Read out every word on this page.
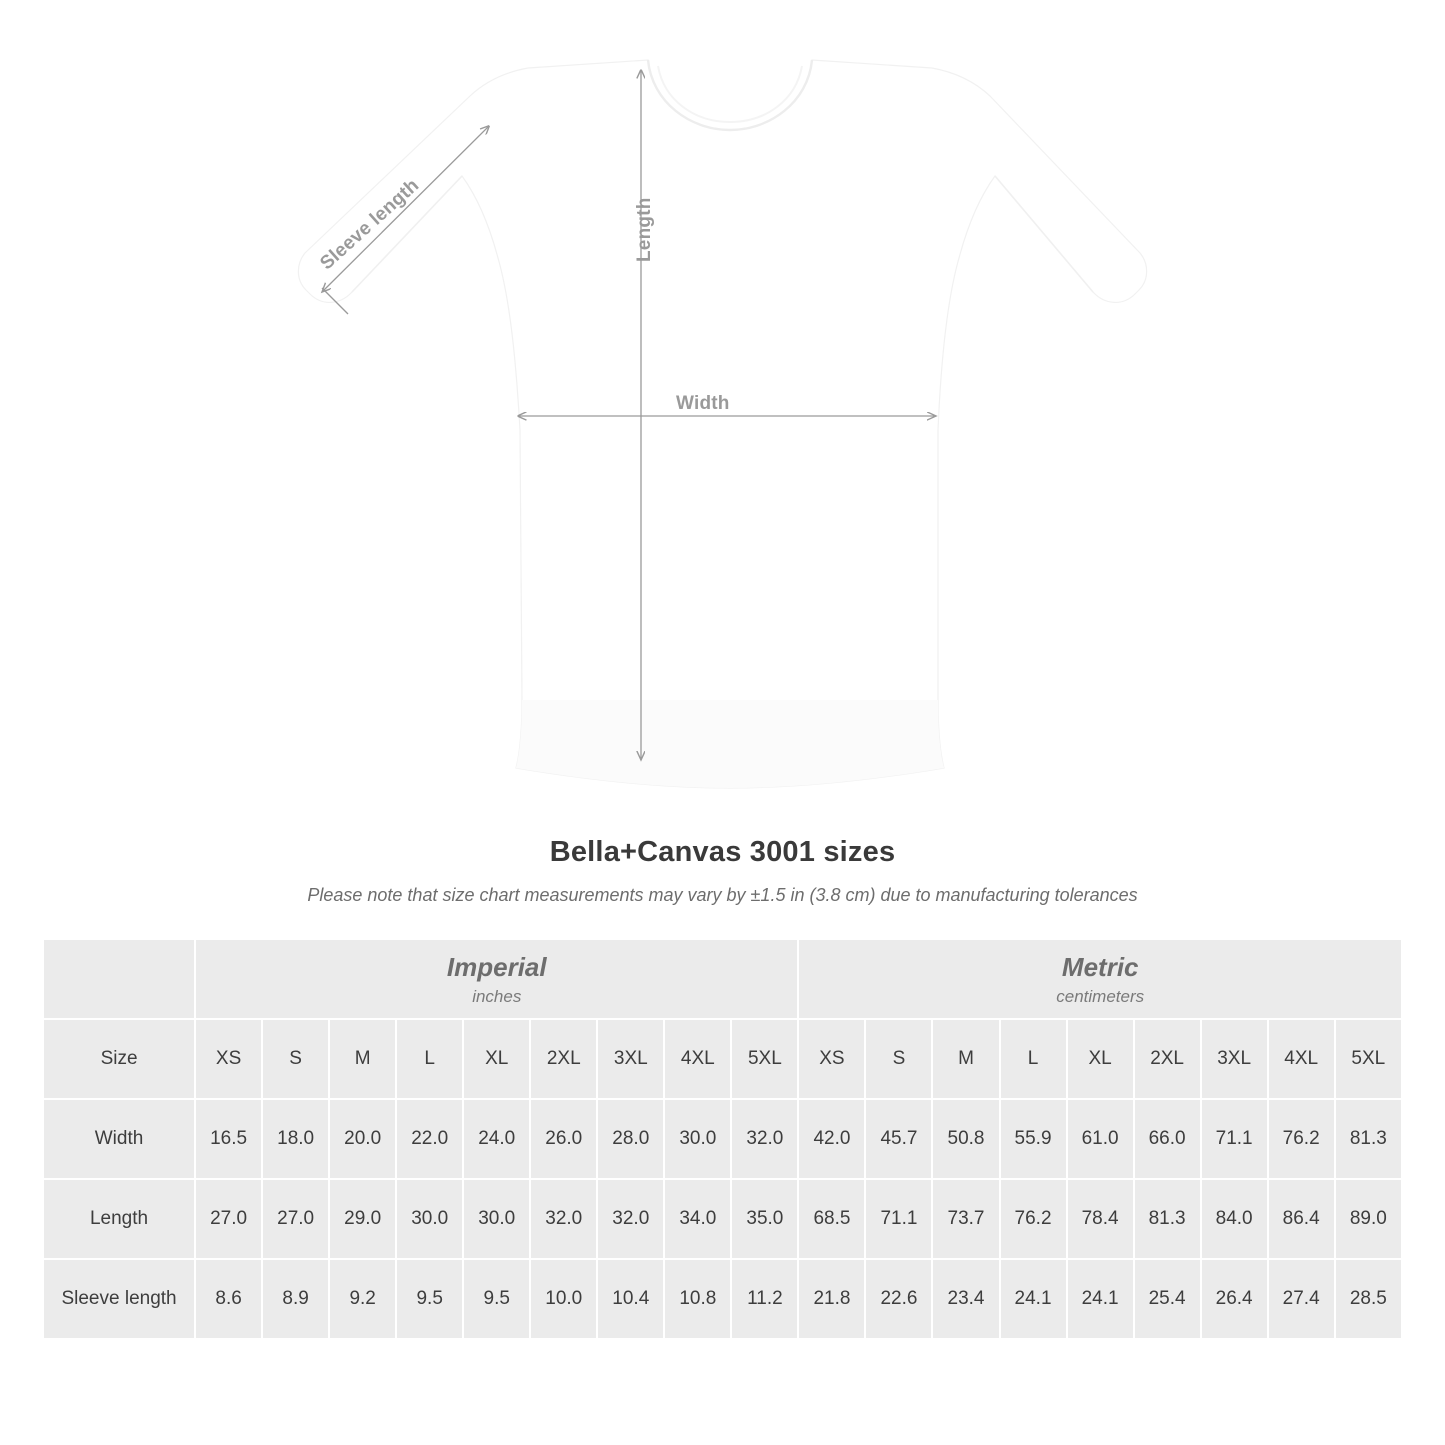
Length
Width
Sleeve length
Bella+Canvas 3001 sizes
Please note that size chart measurements may vary by ±1.5 in (3.8 cm) due to manufacturing tolerances

Imperial
inches

Metric
centimeters

Size	XS	S	M	L	XL	2XL	3XL	4XL	5XL	XS	S	M	L	XL	2XL	3XL	4XL	5XL
Width	16.5	18.0	20.0	22.0	24.0	26.0	28.0	30.0	32.0	42.0	45.7	50.8	55.9	61.0	66.0	71.1	76.2	81.3
Length	27.0	27.0	29.0	30.0	30.0	32.0	32.0	34.0	35.0	68.5	71.1	73.7	76.2	78.4	81.3	84.0	86.4	89.0
Sleeve length	8.6	8.9	9.2	9.5	9.5	10.0	10.4	10.8	11.2	21.8	22.6	23.4	24.1	24.1	25.4	26.4	27.4	28.5
